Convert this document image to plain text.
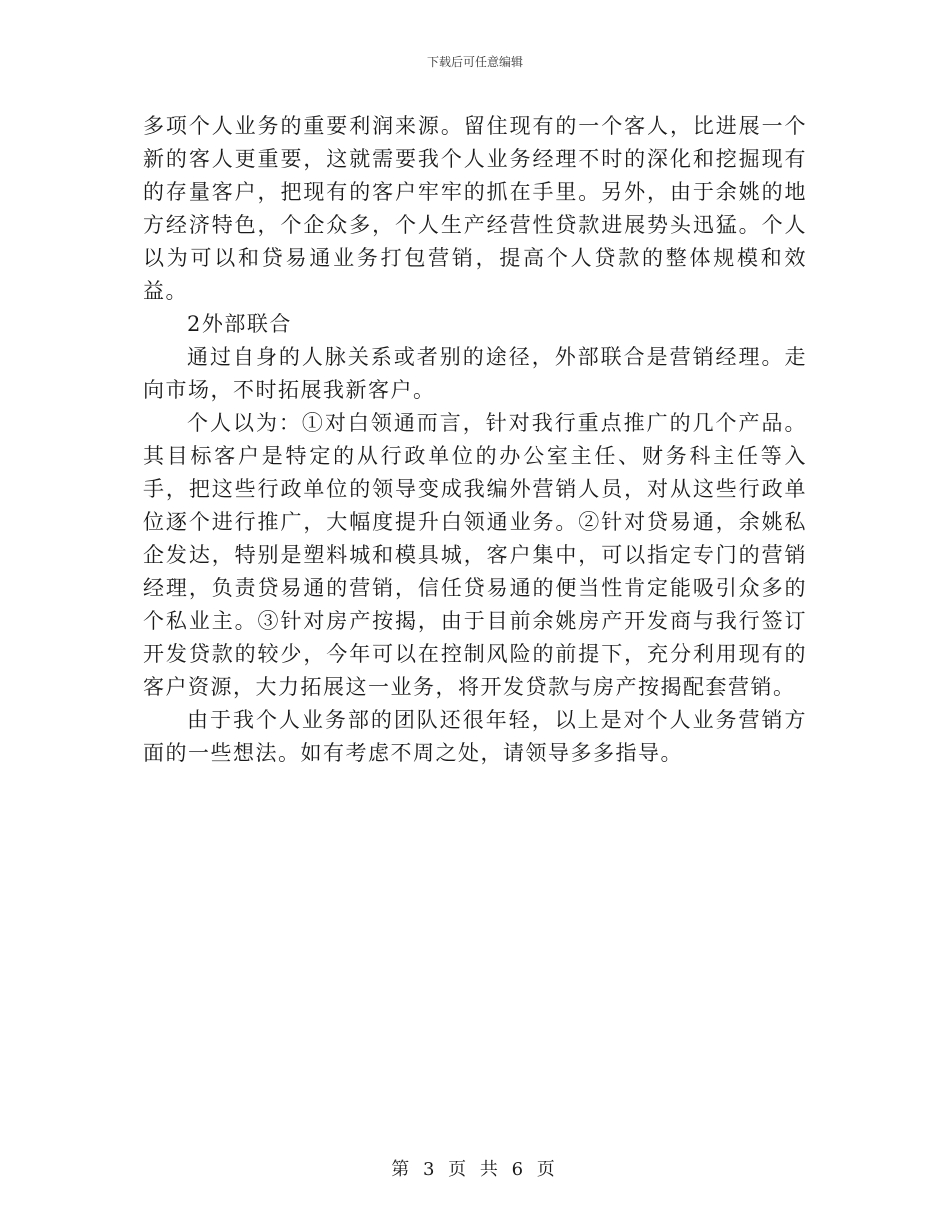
下载后可任意编辑

多项个人业务的重要利润来源。留住现有的一个客人，比进展一个新的客人更重要，这就需要我个人业务经理不时的深化和挖掘现有的存量客户，把现有的客户牢牢的抓在手里。另外，由于余姚的地方经济特色，个企众多，个人生产经营性贷款进展势头迅猛。个人以为可以和贷易通业务打包营销，提高个人贷款的整体规模和效益。

2外部联合

通过自身的人脉关系或者别的途径，外部联合是营销经理。走向市场，不时拓展我新客户。

个人以为：①对白领通而言，针对我行重点推广的几个产品。其目标客户是特定的从行政单位的办公室主任、财务科主任等入手，把这些行政单位的领导变成我编外营销人员，对从这些行政单位逐个进行推广，大幅度提升白领通业务。②针对贷易通，余姚私企发达，特别是塑料城和模具城，客户集中，可以指定专门的营销经理，负责贷易通的营销，信任贷易通的便当性肯定能吸引众多的个私业主。③针对房产按揭，由于目前余姚房产开发商与我行签订开发贷款的较少，今年可以在控制风险的前提下，充分利用现有的客户资源，大力拓展这一业务，将开发贷款与房产按揭配套营销。

由于我个人业务部的团队还很年轻，以上是对个人业务营销方面的一些想法。如有考虑不周之处，请领导多多指导。

第 3 页 共 6 页
